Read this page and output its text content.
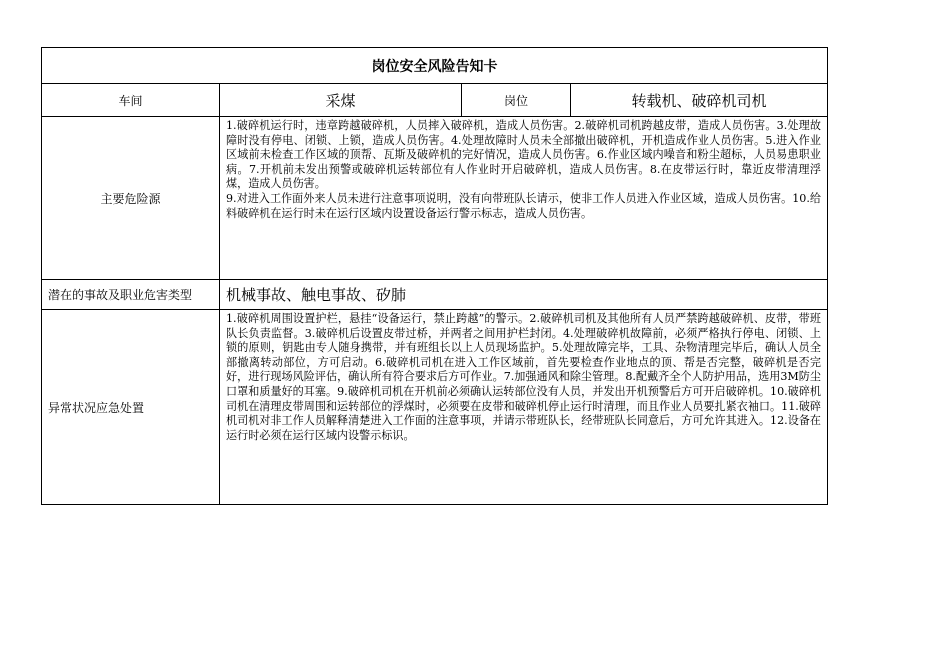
岗位安全风险告知卡			
车间	采煤	岗位	转载机、破碎机司机
主要危险源	1.破碎机运行时，违章跨越破碎机，人员摔入破碎机，造成人员伤害。2.破碎机司机跨越皮带，造成人员伤害。3.处理故障时没有停电、闭锁、上锁，造成人员伤害。4.处理故障时人员未全部撤出破碎机，开机造成作业人员伤害。5.进入作业区域前未检查工作区域的顶帮、瓦斯及破碎机的完好情况，造成人员伤害。6.作业区域内噪音和粉尘超标，人员易患职业病。7.开机前未发出预警或破碎机运转部位有人作业时开启破碎机，造成人员伤害。8.在皮带运行时，靠近皮带清理浮煤，造成人员伤害。

9.对进入工作面外来人员未进行注意事项说明，没有向带班队长请示，使非工作人员进入作业区域，造成人员伤害。10.给料破碎机在运行时未在运行区域内设置设备运行警示标志，造成人员伤害。		

潜在的事故及职业危害类型	机械事故、触电事故、矽肺		
异常状况应急处置	1.破碎机周围设置护栏，悬挂“设备运行，禁止跨越”的警示。2.破碎机司机及其他所有人员严禁跨越破碎机、皮带，带班队长负责监督。3.破碎机后设置皮带过桥，并两者之间用护栏封闭。4.处理破碎机故障前，必须严格执行停电、闭锁、上锁的原则，钥匙由专人随身携带，并有班组长以上人员现场监护。5.处理故障完毕，工具、杂物清理完毕后，确认人员全部撤离转动部位，方可启动。6.破碎机司机在进入工作区域前，首先要检查作业地点的顶、帮是否完整，破碎机是否完好，进行现场风险评估，确认所有符合要求后方可作业。7.加强通风和除尘管理。8.配戴齐全个人防护用品，选用3M防尘口罩和质量好的耳塞。9.破碎机司机在开机前必须确认运转部位没有人员，并发出开机预警后方可开启破碎机。10.破碎机司机在清理皮带周围和运转部位的浮煤时，必须要在皮带和破碎机停止运行时清理，而且作业人员要扎紧衣袖口。11.破碎机司机对非工作人员解释清楚进入工作面的注意事项，并请示带班队长，经带班队长同意后，方可允许其进入。12.设备在运行时必须在运行区域内设警示标识。		
